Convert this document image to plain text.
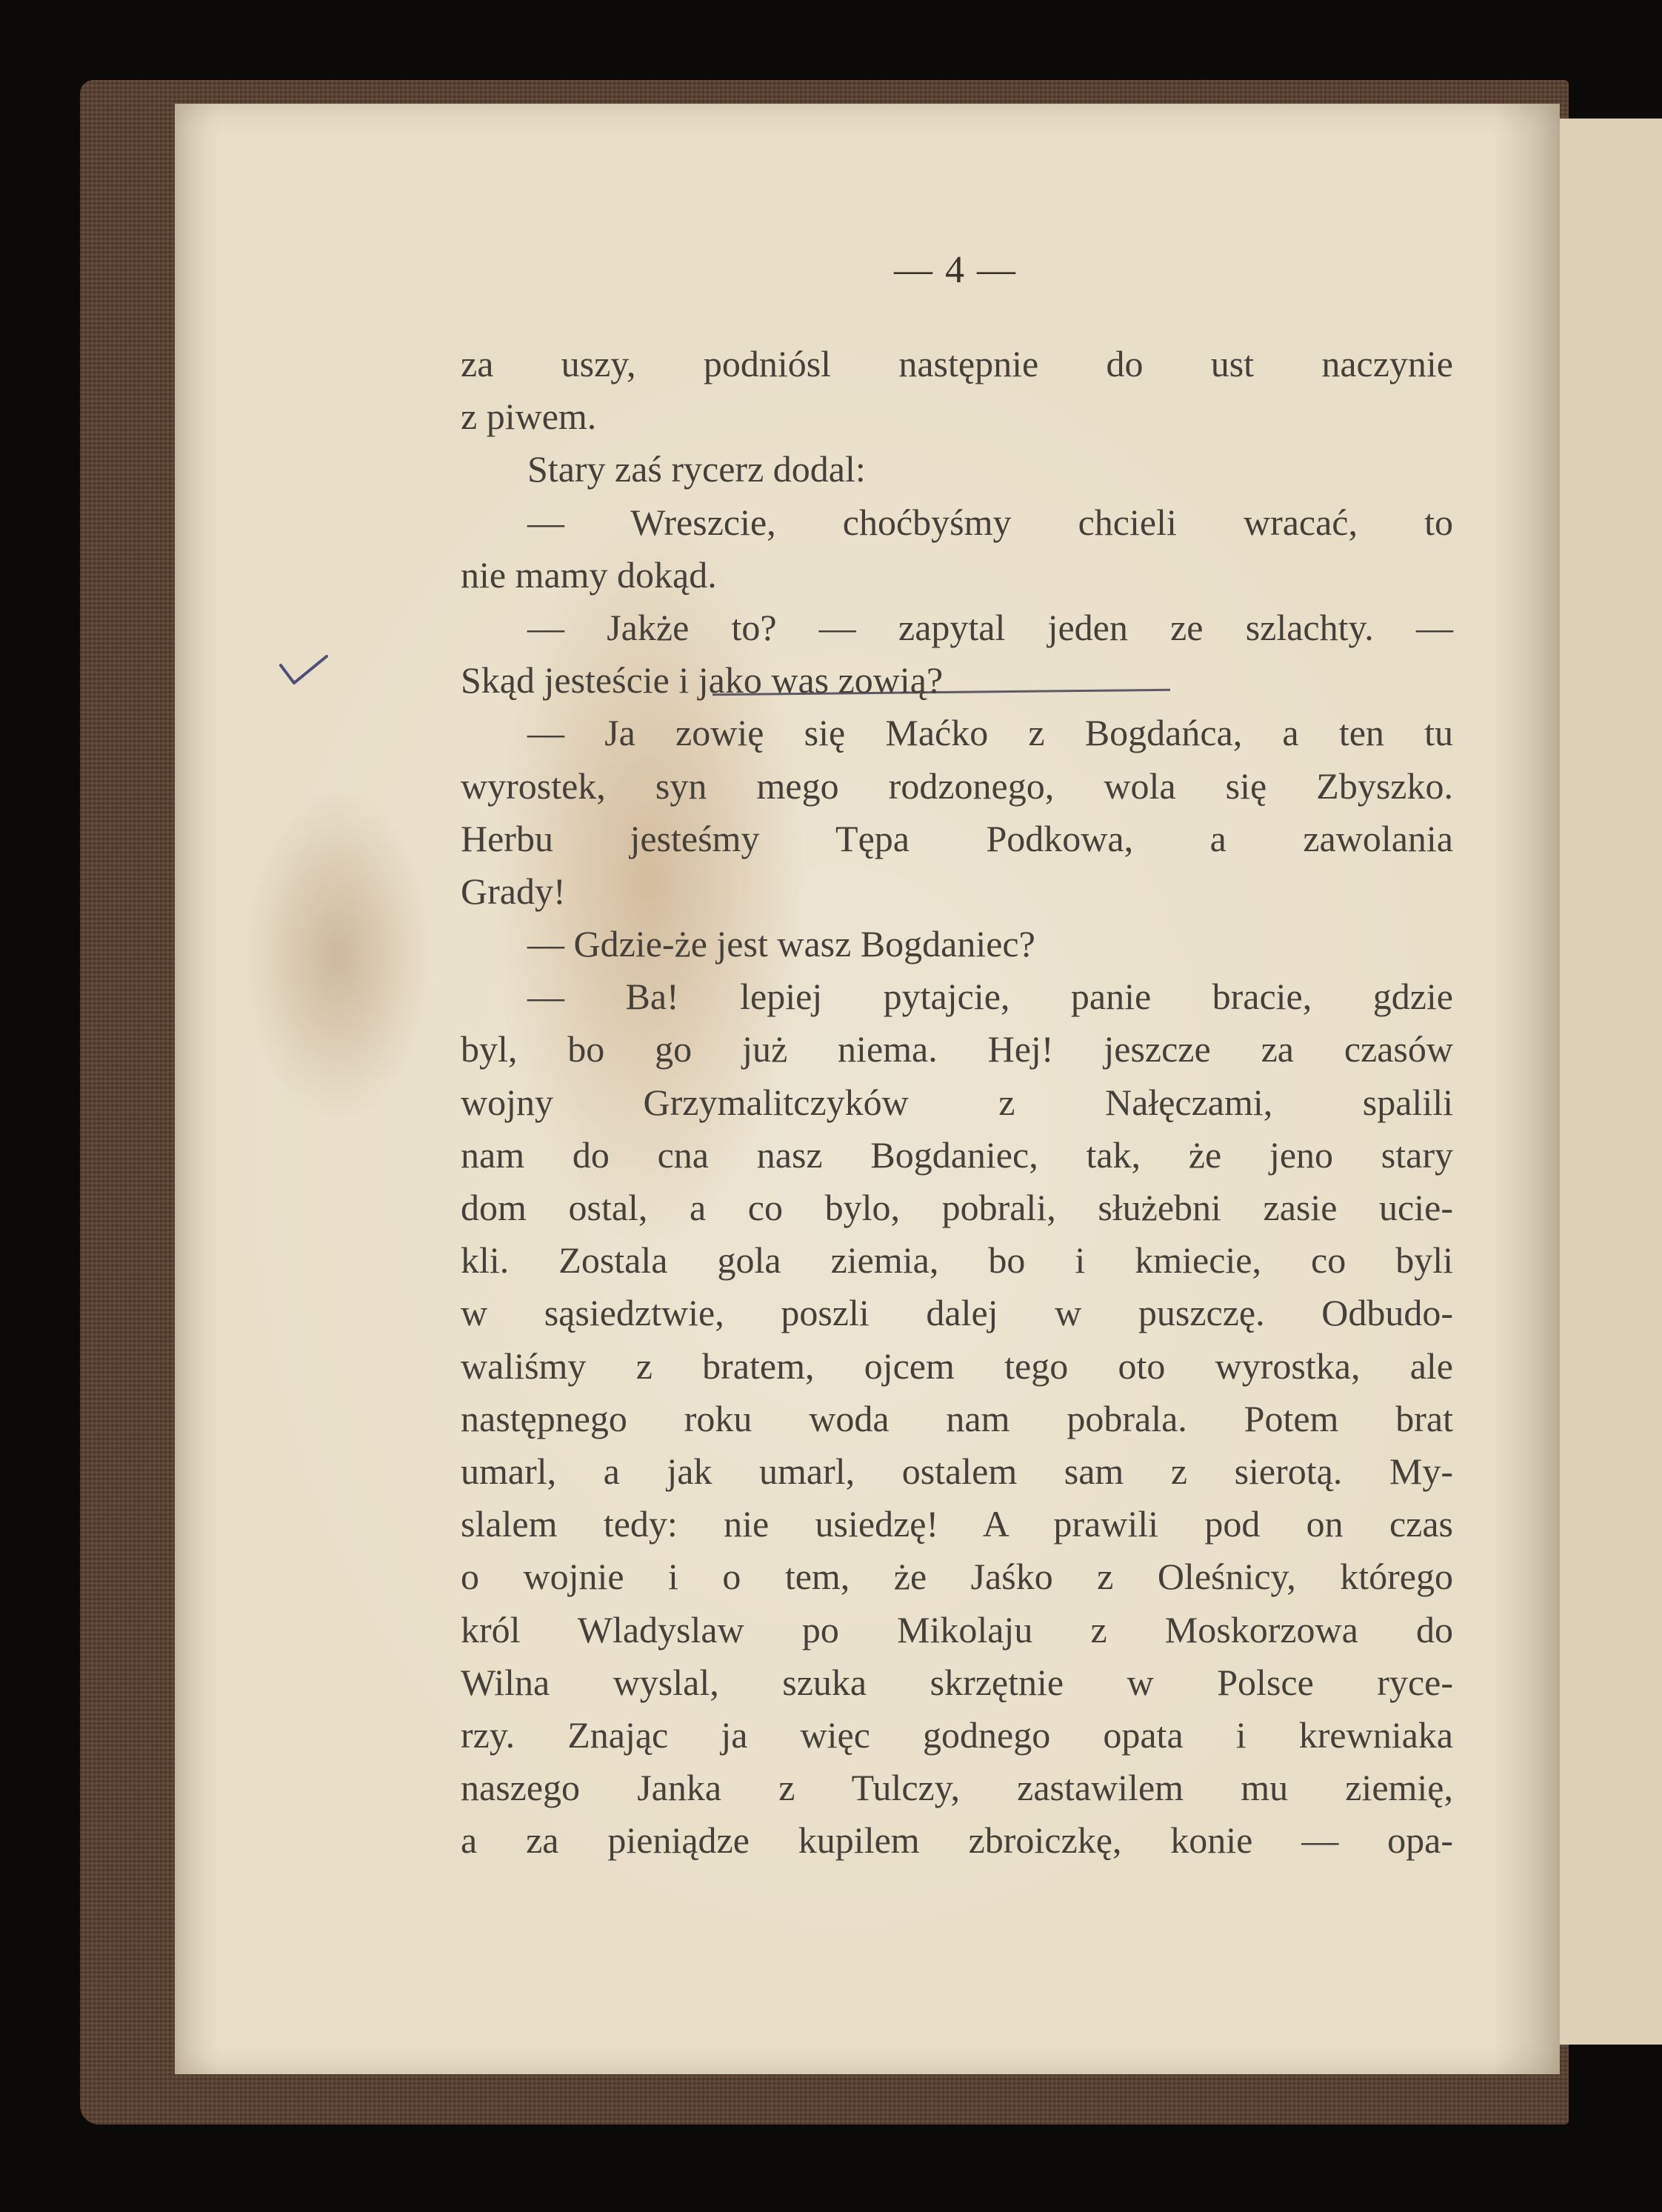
— 4 —
za uszy, podniósl następnie do ust naczynie
z piwem.
Stary zaś rycerz dodal:
— Wreszcie, choćbyśmy chcieli wracać, to
nie mamy dokąd.
— Jakże to? — zapytal jeden ze szlachty. —
Skąd jesteście i jako was zowią?
— Ja zowię się Maćko z Bogdańca, a ten tu
wyrostek, syn mego rodzonego, wola się Zbyszko.
Herbu jesteśmy Tępa Podkowa, a zawolania
Grady!
— Gdzie-że jest wasz Bogdaniec?
— Ba! lepiej pytajcie, panie bracie, gdzie
byl, bo go już niema. Hej! jeszcze za czasów
wojny Grzymalitczyków z Nałęczami, spalili
nam do cna nasz Bogdaniec, tak, że jeno stary
dom ostal, a co bylo, pobrali, służebni zasie ucie-
kli. Zostala gola ziemia, bo i kmiecie, co byli
w sąsiedztwie, poszli dalej w puszczę. Odbudo-
waliśmy z bratem, ojcem tego oto wyrostka, ale
następnego roku woda nam pobrala. Potem brat
umarl, a jak umarl, ostalem sam z sierotą. My-
slalem tedy: nie usiedzę! A prawili pod on czas
o wojnie i o tem, że Jaśko z Oleśnicy, którego
król Wladyslaw po Mikolaju z Moskorzowa do
Wilna wyslal, szuka skrzętnie w Polsce ryce-
rzy. Znając ja więc godnego opata i krewniaka
naszego Janka z Tulczy, zastawilem mu ziemię,
a za pieniądze kupilem zbroiczkę, konie — opa-
